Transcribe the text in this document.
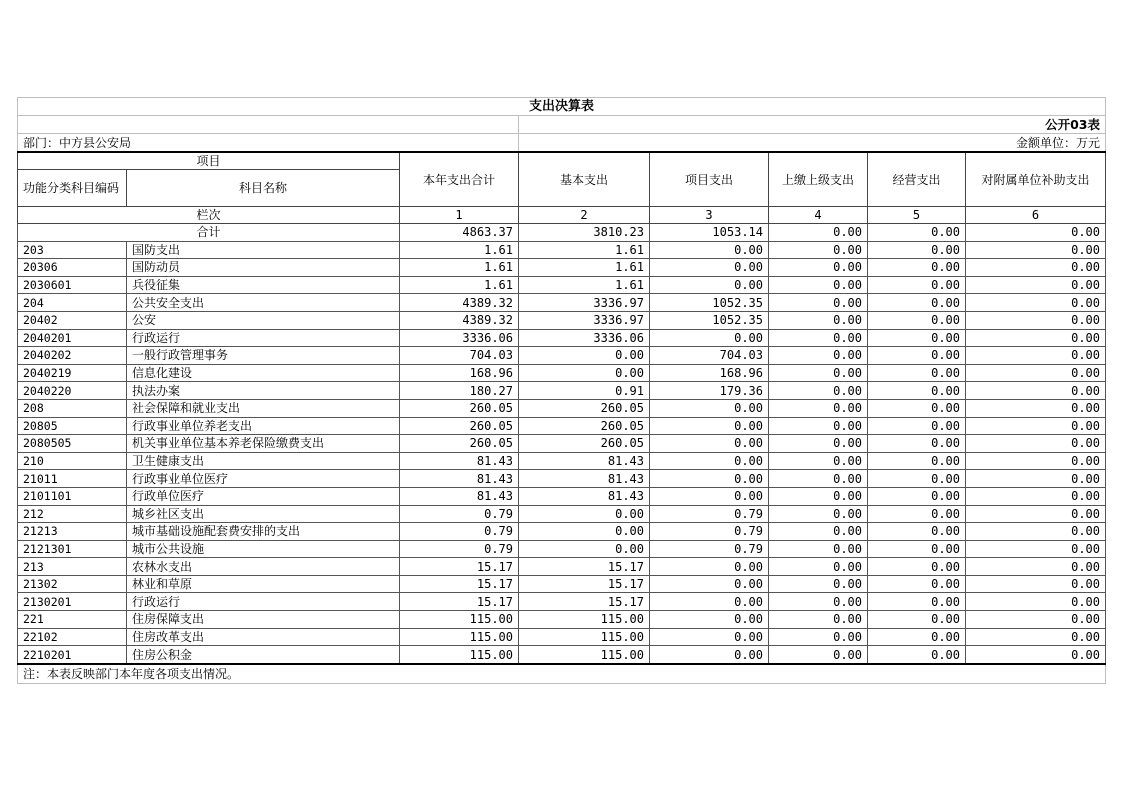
支出决算表							
			公开03表				
部门：中方县公安局			金额单位：万元				
项目		本年支出合计	基本支出	项目支出	上缴上级支出	经营支出	对附属单位补助支出
功能分类科目编码	科目名称						
栏次		1	2	3	4	5	6
合计		4863.37	3810.23	1053.14	0.00	0.00	0.00
203	国防支出	1.61	1.61	0.00	0.00	0.00	0.00
20306	国防动员	1.61	1.61	0.00	0.00	0.00	0.00
2030601	兵役征集	1.61	1.61	0.00	0.00	0.00	0.00
204	公共安全支出	4389.32	3336.97	1052.35	0.00	0.00	0.00
20402	公安	4389.32	3336.97	1052.35	0.00	0.00	0.00
2040201	行政运行	3336.06	3336.06	0.00	0.00	0.00	0.00
2040202	一般行政管理事务	704.03	0.00	704.03	0.00	0.00	0.00
2040219	信息化建设	168.96	0.00	168.96	0.00	0.00	0.00
2040220	执法办案	180.27	0.91	179.36	0.00	0.00	0.00
208	社会保障和就业支出	260.05	260.05	0.00	0.00	0.00	0.00
20805	行政事业单位养老支出	260.05	260.05	0.00	0.00	0.00	0.00
2080505	机关事业单位基本养老保险缴费支出	260.05	260.05	0.00	0.00	0.00	0.00
210	卫生健康支出	81.43	81.43	0.00	0.00	0.00	0.00
21011	行政事业单位医疗	81.43	81.43	0.00	0.00	0.00	0.00
2101101	行政单位医疗	81.43	81.43	0.00	0.00	0.00	0.00
212	城乡社区支出	0.79	0.00	0.79	0.00	0.00	0.00
21213	城市基础设施配套费安排的支出	0.79	0.00	0.79	0.00	0.00	0.00
2121301	城市公共设施	0.79	0.00	0.79	0.00	0.00	0.00
213	农林水支出	15.17	15.17	0.00	0.00	0.00	0.00
21302	林业和草原	15.17	15.17	0.00	0.00	0.00	0.00
2130201	行政运行	15.17	15.17	0.00	0.00	0.00	0.00
221	住房保障支出	115.00	115.00	0.00	0.00	0.00	0.00
22102	住房改革支出	115.00	115.00	0.00	0.00	0.00	0.00
2210201	住房公积金	115.00	115.00	0.00	0.00	0.00	0.00
注：本表反映部门本年度各项支出情况。							
